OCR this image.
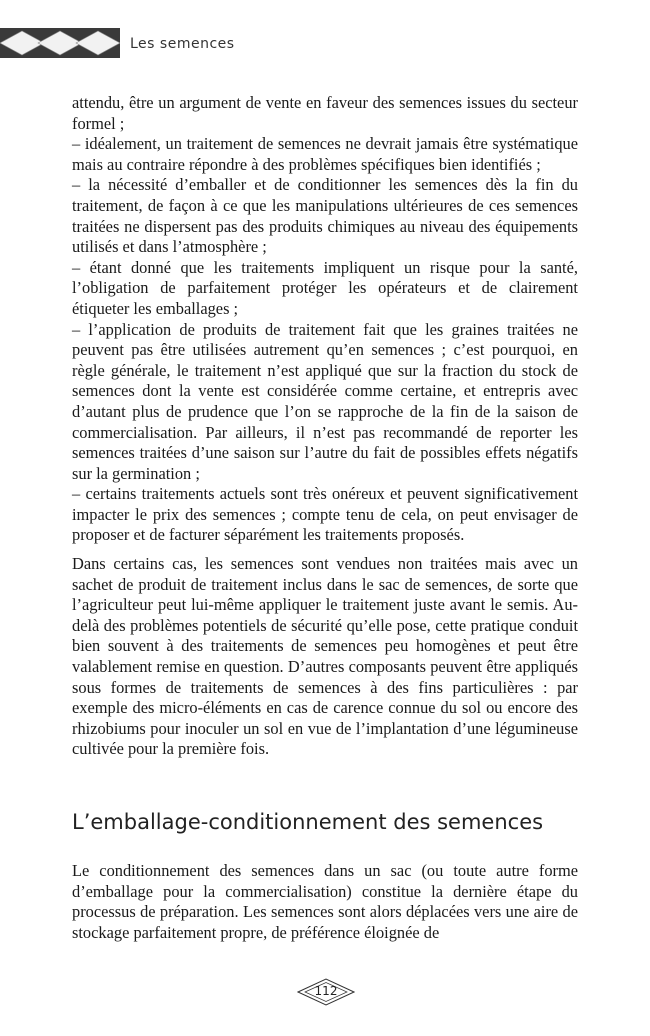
Les semences

attendu, être un argument de vente en faveur des semences issues du secteur formel ;

– idéalement, un traitement de semences ne devrait jamais être systématique mais au contraire répondre à des problèmes spécifiques bien identifiés ;

– la nécessité d’emballer et de conditionner les semences dès la fin du traitement, de façon à ce que les manipulations ultérieures de ces semences traitées ne dispersent pas des produits chimiques au niveau des équipements utilisés et dans l’atmosphère ;

– étant donné que les traitements impliquent un risque pour la santé, l’obligation de parfaitement protéger les opérateurs et de clairement étiqueter les emballages ;

– l’application de produits de traitement fait que les graines traitées ne peuvent pas être utilisées autrement qu’en semences ; c’est pourquoi, en règle générale, le traitement n’est appliqué que sur la fraction du stock de semences dont la vente est considérée comme certaine, et entrepris avec d’autant plus de prudence que l’on se rapproche de la fin de la saison de commercialisation. Par ailleurs, il n’est pas recommandé de reporter les semences traitées d’une saison sur l’autre du fait de possibles effets négatifs sur la germination ;

– certains traitements actuels sont très onéreux et peuvent significativement impacter le prix des semences ; compte tenu de cela, on peut envisager de proposer et de facturer séparément les traitements proposés.

Dans certains cas, les semences sont vendues non traitées mais avec un sachet de produit de traitement inclus dans le sac de semences, de sorte que l’agriculteur peut lui-même appliquer le traitement juste avant le semis. Au-delà des problèmes potentiels de sécurité qu’elle pose, cette pratique conduit bien souvent à des traitements de semences peu homogènes et peut être valablement remise en question. D’autres composants peuvent être appliqués sous formes de traitements de semences à des fins particulières : par exemple des micro-éléments en cas de carence connue du sol ou encore des rhizobiums pour inoculer un sol en vue de l’implantation d’une légumineuse cultivée pour la première fois.

L’emballage-conditionnement des semences

Le conditionnement des semences dans un sac (ou toute autre forme d’emballage pour la commercialisation) constitue la dernière étape du processus de préparation. Les semences sont alors déplacées vers une aire de stockage parfaitement propre, de préférence éloignée de

112
